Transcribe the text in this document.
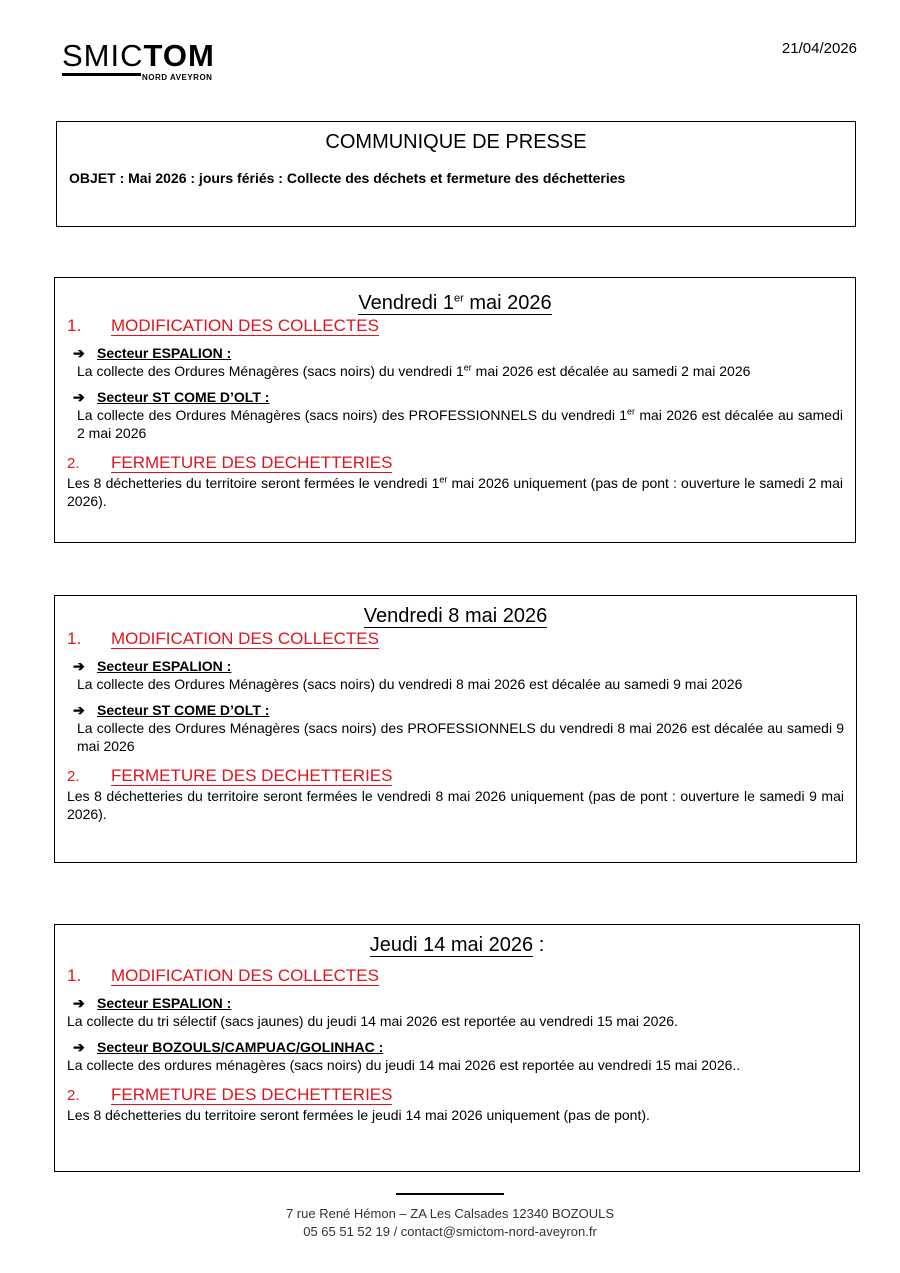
SMICTOM
NORD AVEYRON
21/04/2026
COMMUNIQUE DE PRESSE
OBJET : Mai 2026 : jours fériés : Collecte des déchets et fermeture des déchetteries
Vendredi 1er mai 2026
1. MODIFICATION DES COLLECTES
➔ Secteur ESPALION :
La collecte des Ordures Ménagères (sacs noirs) du vendredi 1er mai 2026 est décalée au samedi 2 mai 2026
➔ Secteur ST COME D’OLT :
La collecte des Ordures Ménagères (sacs noirs) des PROFESSIONNELS du vendredi 1er mai 2026 est décalée au samedi 2 mai 2026
2. FERMETURE DES DECHETTERIES
Les 8 déchetteries du territoire seront fermées le vendredi 1er mai 2026 uniquement (pas de pont : ouverture le samedi 2 mai 2026).
Vendredi 8 mai 2026
1. MODIFICATION DES COLLECTES
➔ Secteur ESPALION :
La collecte des Ordures Ménagères (sacs noirs) du vendredi 8 mai 2026 est décalée au samedi 9 mai 2026
➔ Secteur ST COME D’OLT :
La collecte des Ordures Ménagères (sacs noirs) des PROFESSIONNELS du vendredi 8 mai 2026 est décalée au samedi 9 mai 2026
2. FERMETURE DES DECHETTERIES
Les 8 déchetteries du territoire seront fermées le vendredi 8 mai 2026 uniquement (pas de pont : ouverture le samedi 9 mai 2026).
Jeudi 14 mai 2026 :
1. MODIFICATION DES COLLECTES
➔ Secteur ESPALION :
La collecte du tri sélectif (sacs jaunes) du jeudi 14 mai 2026 est reportée au vendredi 15 mai 2026.
➔ Secteur BOZOULS/CAMPUAC/GOLINHAC :
La collecte des ordures ménagères (sacs noirs) du jeudi 14 mai 2026 est reportée au vendredi 15 mai 2026..
2. FERMETURE DES DECHETTERIES
Les 8 déchetteries du territoire seront fermées le jeudi 14 mai 2026 uniquement (pas de pont).
7 rue René Hémon – ZA Les Calsades 12340 BOZOULS
05 65 51 52 19 / contact@smictom-nord-aveyron.fr
